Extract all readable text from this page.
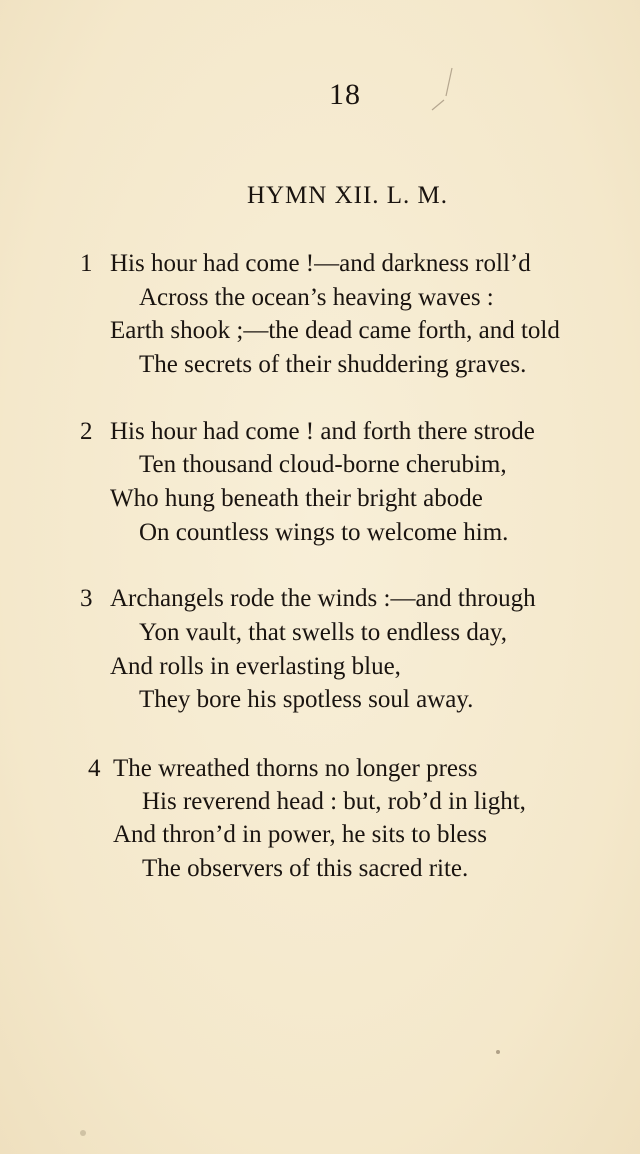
18
HYMN XII. L. M.
1 His hour had come !—and darkness roll’d
Across the ocean’s heaving waves :
Earth shook ;—the dead came forth, and told
The secrets of their shuddering graves.
2 His hour had come ! and forth there strode
Ten thousand cloud-borne cherubim,
Who hung beneath their bright abode
On countless wings to welcome him.
3 Archangels rode the winds :—and through
Yon vault, that swells to endless day,
And rolls in everlasting blue,
They bore his spotless soul away.
4 The wreathed thorns no longer press
His reverend head : but, rob’d in light,
And thron’d in power, he sits to bless
The observers of this sacred rite.
